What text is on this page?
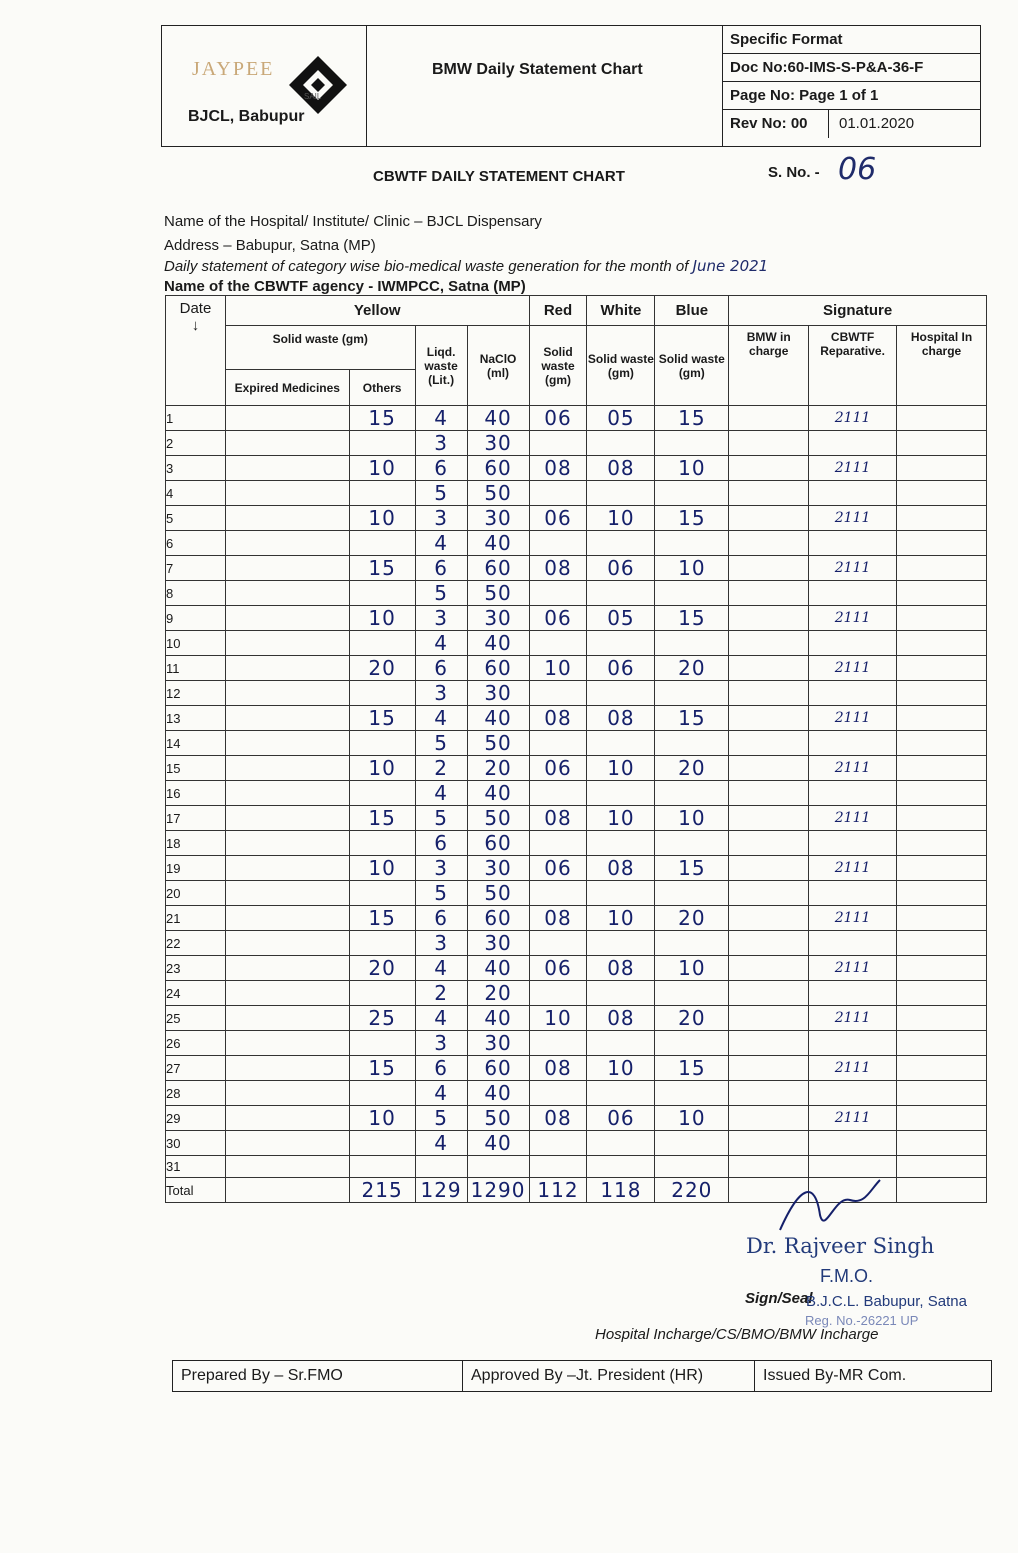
JAYPEE
SAIL
BJCL, Babupur
BMW Daily Statement Chart
Specific Format
Doc No:60-IMS-S-P&A-36-F
Page No: Page 1 of 1
Rev No: 00	01.01.2020
CBWTF DAILY STATEMENT CHART	S. No. - 06
Name of the Hospital/ Institute/ Clinic – BJCL Dispensary
Address – Babupur, Satna (MP)
Daily statement of category wise bio-medical waste generation for the month of June 2021
Name of the CBWTF agency - IWMPCC, Satna (MP)
Date
↓	Yellow				Red	White	Blue	Signature		
	Solid waste (gm)		Liqd. waste (Lit.)	NaClO (ml)	Solid waste (gm)	Solid waste (gm)	Solid waste (gm)	BMW in charge	CBWTF Reparative.	Hospital In charge
	Expired Medicines	Others								
1		15	4	40	06	05	15		2111	
2			3	30						
3		10	6	60	08	08	10		2111	
4			5	50						
5		10	3	30	06	10	15		2111	
6			4	40						
7		15	6	60	08	06	10		2111	
8			5	50						
9		10	3	30	06	05	15		2111	
10			4	40						
11		20	6	60	10	06	20		2111	
12			3	30						
13		15	4	40	08	08	15		2111	
14			5	50						
15		10	2	20	06	10	20		2111	
16			4	40						
17		15	5	50	08	10	10		2111	
18			6	60						
19		10	3	30	06	08	15		2111	
20			5	50						
21		15	6	60	08	10	20		2111	
22			3	30						
23		20	4	40	06	08	10		2111	
24			2	20						
25		25	4	40	10	08	20		2111	
26			3	30						
27		15	6	60	08	10	15		2111	
28			4	40						
29		10	5	50	08	06	10		2111	
30			4	40						
31										
Total		215	129	1290	112	118	220			
Dr. Rajveer Singh
F.M.O.
Sign/Seal
B.J.C.L. Babupur, Satna
Reg. No.-26221 UP
Hospital Incharge/CS/BMO/BMW Incharge
Prepared By – Sr.FMO	Approved By –Jt. President (HR)	Issued By-MR Com.
